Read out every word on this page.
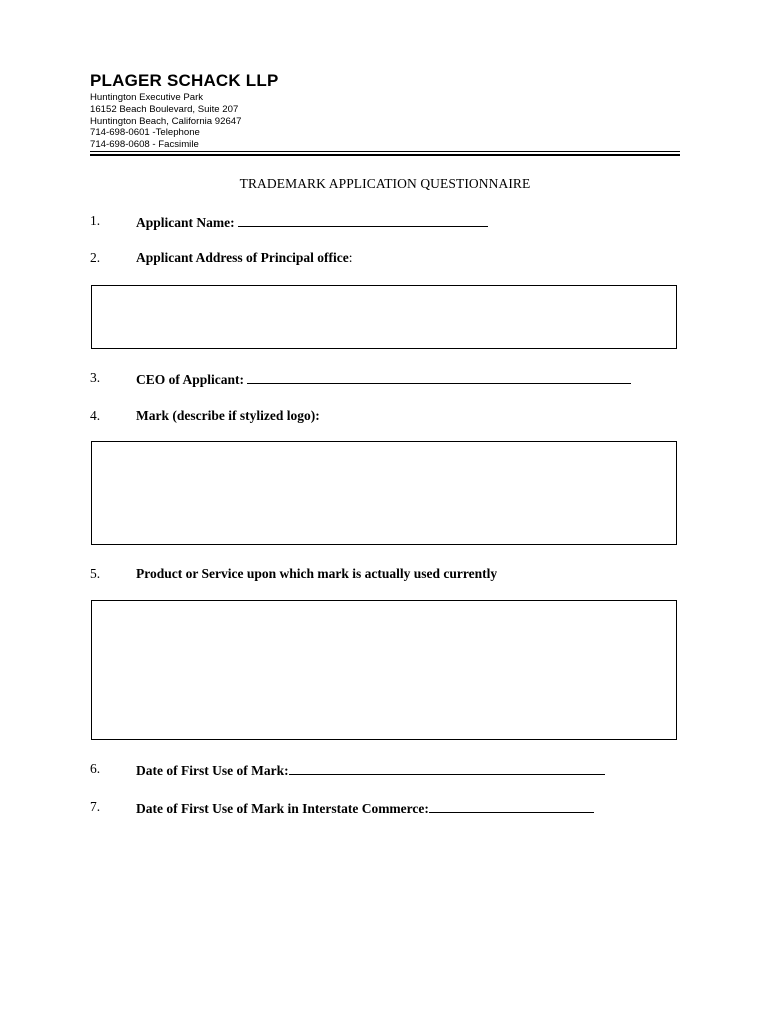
PLAGER SCHACK LLP
Huntington Executive Park
16152 Beach Boulevard, Suite 207
Huntington Beach, California 92647
714-698-0601 -Telephone
714-698-0608 - Facsimile
TRADEMARK APPLICATION QUESTIONNAIRE
1.	Applicant Name:
2.	Applicant Address of Principal office:
3.	CEO of Applicant:
4.	Mark (describe if stylized logo):
5.	Product or Service upon which mark is actually used currently
6.	Date of First Use of Mark:
7.	Date of First Use of Mark in Interstate Commerce:
